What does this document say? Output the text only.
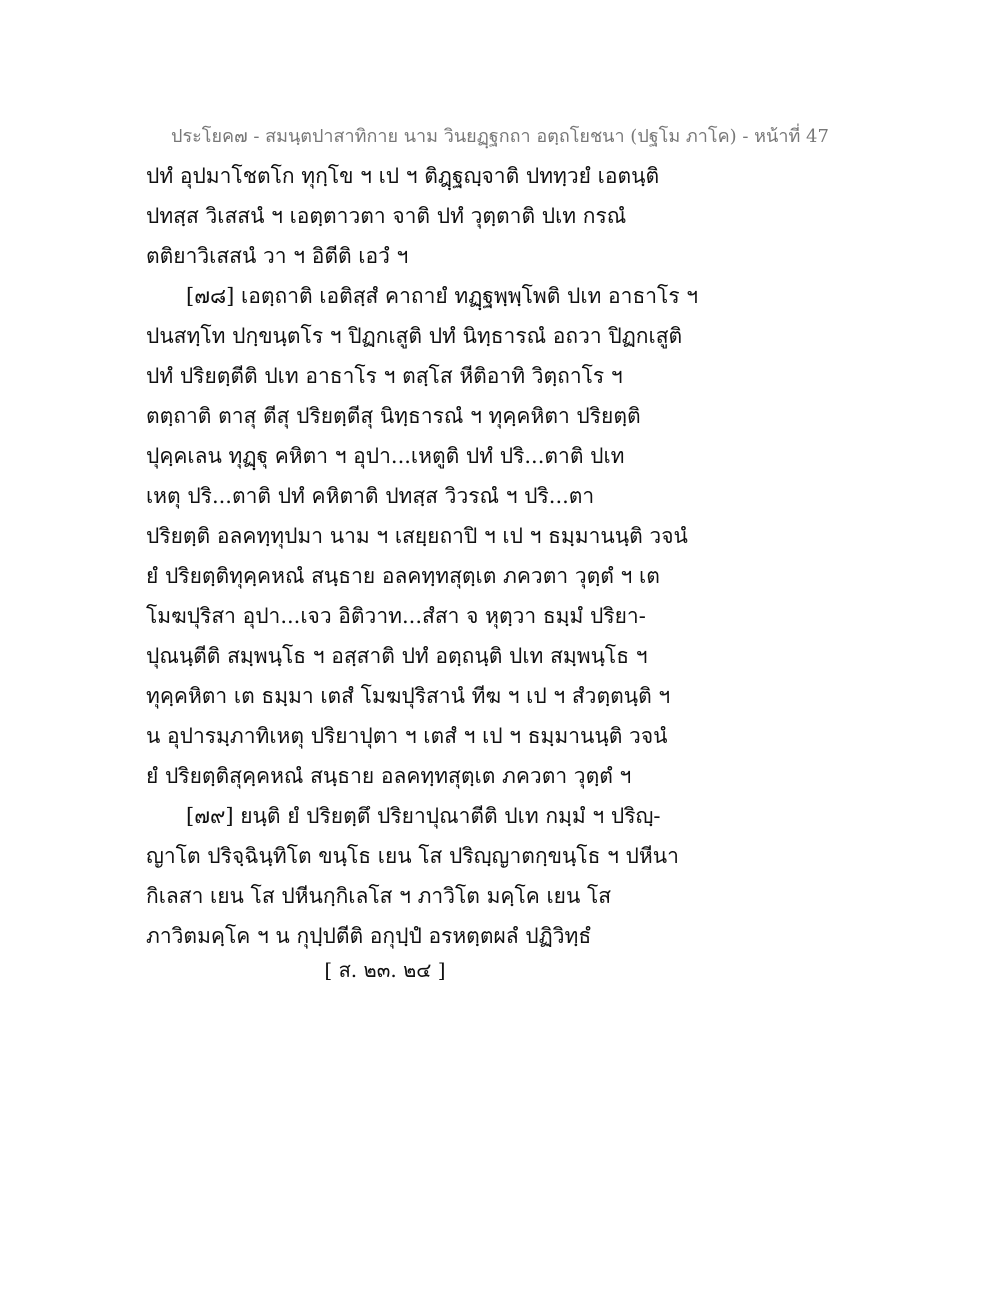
ประโยค๗ - สมนฺตปาสาทิกาย นาม วินยฏฺฐกถา อตฺถโยชนา (ปฐโม ภาโค) - หน้าที่ 47
ปทํ อุปมาโชตโก ทุกฺโข ฯ เป ฯ ติฎฺฐญฺจาติ ปททฺวยํ เอตนฺติ
ปทสฺส วิเสสนํ ฯ เอตฺตาวตา จาติ ปทํ วุตฺตาติ ปเท กรณํ
ตติยาวิเสสนํ วา ฯ อิตีติ เอวํ ฯ
[๗๘] เอตฺถาติ เอติสฺสํ คาถายํ ทฏฺฐพฺพฺโพติ ปเท อาธาโร ฯ
ปนสทฺโท ปกฺขนฺตโร ฯ ปิฏกเสูติ ปทํ นิทฺธารณํ อถวา ปิฏกเสูติ
ปทํ ปริยตฺตีติ ปเท อาธาโร ฯ ตสฺโส หีติอาทิ วิตฺถาโร ฯ
ตตฺถาติ ตาสุ ตีสุ ปริยตฺตีสุ นิทฺธารณํ ฯ ทุคฺคหิตา ปริยตฺติ
ปุคฺคเลน ทุฏฺฐุ คหิตา ฯ อุปา...เหตูติ ปทํ ปริ...ตาติ ปเท
เหตุ ปริ...ตาติ ปทํ คหิตาติ ปทสฺส วิวรณํ ฯ ปริ...ตา
ปริยตฺติ อลคทฺทุปมา นาม ฯ เสยฺยถาปิ ฯ เป ฯ ธมฺมานนฺติ วจนํ
ยํ ปริยตฺติทุคฺคหณํ สนฺธาย อลคทฺทสุตฺเต ภควตา วุตฺตํ ฯ เต
โมฆปุริสา อุปา...เจว อิติวาท...สํสา จ หุตฺวา ธมฺมํ ปริยา-
ปุณนฺตีติ สมฺพนฺโธ ฯ อสฺสาติ ปทํ อตฺถนฺติ ปเท สมฺพนฺโธ ฯ
ทุคฺคหิตา เต ธมฺมา เตสํ โมฆปุริสานํ ทีฆ ฯ เป ฯ สํวตฺตนฺติ ฯ
น อุปารมฺภาทิเหตุ ปริยาปุตา ฯ เตสํ ฯ เป ฯ ธมฺมานนฺติ วจนํ
ยํ ปริยตฺติสุคฺคหณํ สนฺธาย อลคทฺทสุตฺเต ภควตา วุตฺตํ ฯ
[๗๙] ยนฺติ ยํ ปริยตฺตึ ปริยาปุณาตีติ ปเท กมฺมํ ฯ ปริญฺ-
ญาโต ปริจฺฉินฺทิโต ขนฺโธ เยน โส ปริญฺญาตกฺขนฺโธ ฯ ปหีนา
กิเลสา เยน โส ปหีนกฺกิเลโส ฯ ภาวิโต มคฺโค เยน โส
ภาวิตมคฺโค ฯ น กุปฺปตีติ อกุปฺปํ อรหตฺตผลํ ปฏิวิทฺธํ
[ ส. ๒๓. ๒๔ ]
